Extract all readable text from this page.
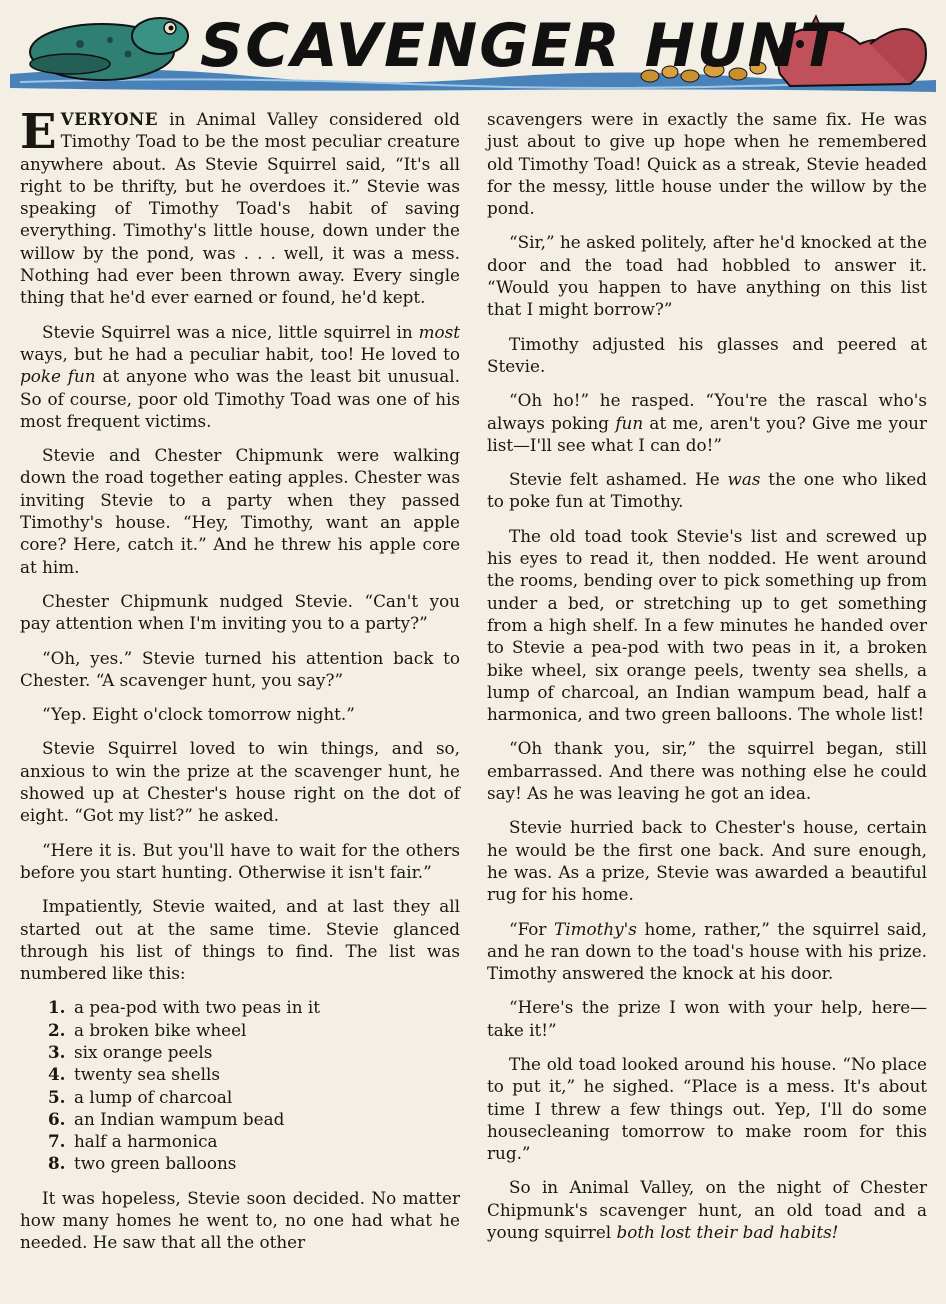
SCAVENGER HUNT

EVERYONE in Animal Valley considered old Timothy Toad to be the most peculiar creature anywhere about. As Stevie Squirrel said, “It's all right to be thrifty, but he overdoes it.” Stevie was speaking of Timothy Toad's habit of saving everything. Timothy's little house, down under the willow by the pond, was . . . well, it was a mess. Nothing had ever been thrown away. Every single thing that he'd ever earned or found, he'd kept.

Stevie Squirrel was a nice, little squirrel in most ways, but he had a peculiar habit, too! He loved to poke fun at anyone who was the least bit unusual. So of course, poor old Timothy Toad was one of his most frequent victims.

Stevie and Chester Chipmunk were walking down the road together eating apples. Chester was inviting Stevie to a party when they passed Timothy's house. “Hey, Timothy, want an apple core? Here, catch it.” And he threw his apple core at him.

Chester Chipmunk nudged Stevie. “Can't you pay attention when I'm inviting you to a party?”

“Oh, yes.” Stevie turned his attention back to Chester. “A scavenger hunt, you say?”

“Yep. Eight o'clock tomorrow night.”

Stevie Squirrel loved to win things, and so, anxious to win the prize at the scavenger hunt, he showed up at Chester's house right on the dot of eight. “Got my list?” he asked.

“Here it is. But you'll have to wait for the others before you start hunting. Otherwise it isn't fair.”

Impatiently, Stevie waited, and at last they all started out at the same time. Stevie glanced through his list of things to find. The list was numbered like this:

1. a pea-pod with two peas in it
2. a broken bike wheel
3. six orange peels
4. twenty sea shells
5. a lump of charcoal
6. an Indian wampum bead
7. half a harmonica
8. two green balloons

It was hopeless, Stevie soon decided. No matter how many homes he went to, no one had what he needed. He saw that all the other

scavengers were in exactly the same fix. He was just about to give up hope when he remembered old Timothy Toad! Quick as a streak, Stevie headed for the messy, little house under the willow by the pond.

“Sir,” he asked politely, after he'd knocked at the door and the toad had hobbled to answer it. “Would you happen to have anything on this list that I might borrow?”

Timothy adjusted his glasses and peered at Stevie.

“Oh ho!” he rasped. “You're the rascal who's always poking fun at me, aren't you? Give me your list—I'll see what I can do!”

Stevie felt ashamed. He was the one who liked to poke fun at Timothy.

The old toad took Stevie's list and screwed up his eyes to read it, then nodded. He went around the rooms, bending over to pick something up from under a bed, or stretching up to get something from a high shelf. In a few minutes he handed over to Stevie a pea-pod with two peas in it, a broken bike wheel, six orange peels, twenty sea shells, a lump of charcoal, an Indian wampum bead, half a harmonica, and two green balloons. The whole list!

“Oh thank you, sir,” the squirrel began, still embarrassed. And there was nothing else he could say! As he was leaving he got an idea.

Stevie hurried back to Chester's house, certain he would be the first one back. And sure enough, he was. As a prize, Stevie was awarded a beautiful rug for his home.

“For Timothy's home, rather,” the squirrel said, and he ran down to the toad's house with his prize. Timothy answered the knock at his door.

“Here's the prize I won with your help, here—take it!”

The old toad looked around his house. “No place to put it,” he sighed. “Place is a mess. It's about time I threw a few things out. Yep, I'll do some housecleaning tomorrow to make room for this rug.”

So in Animal Valley, on the night of Chester Chipmunk's scavenger hunt, an old toad and a young squirrel both lost their bad habits!
